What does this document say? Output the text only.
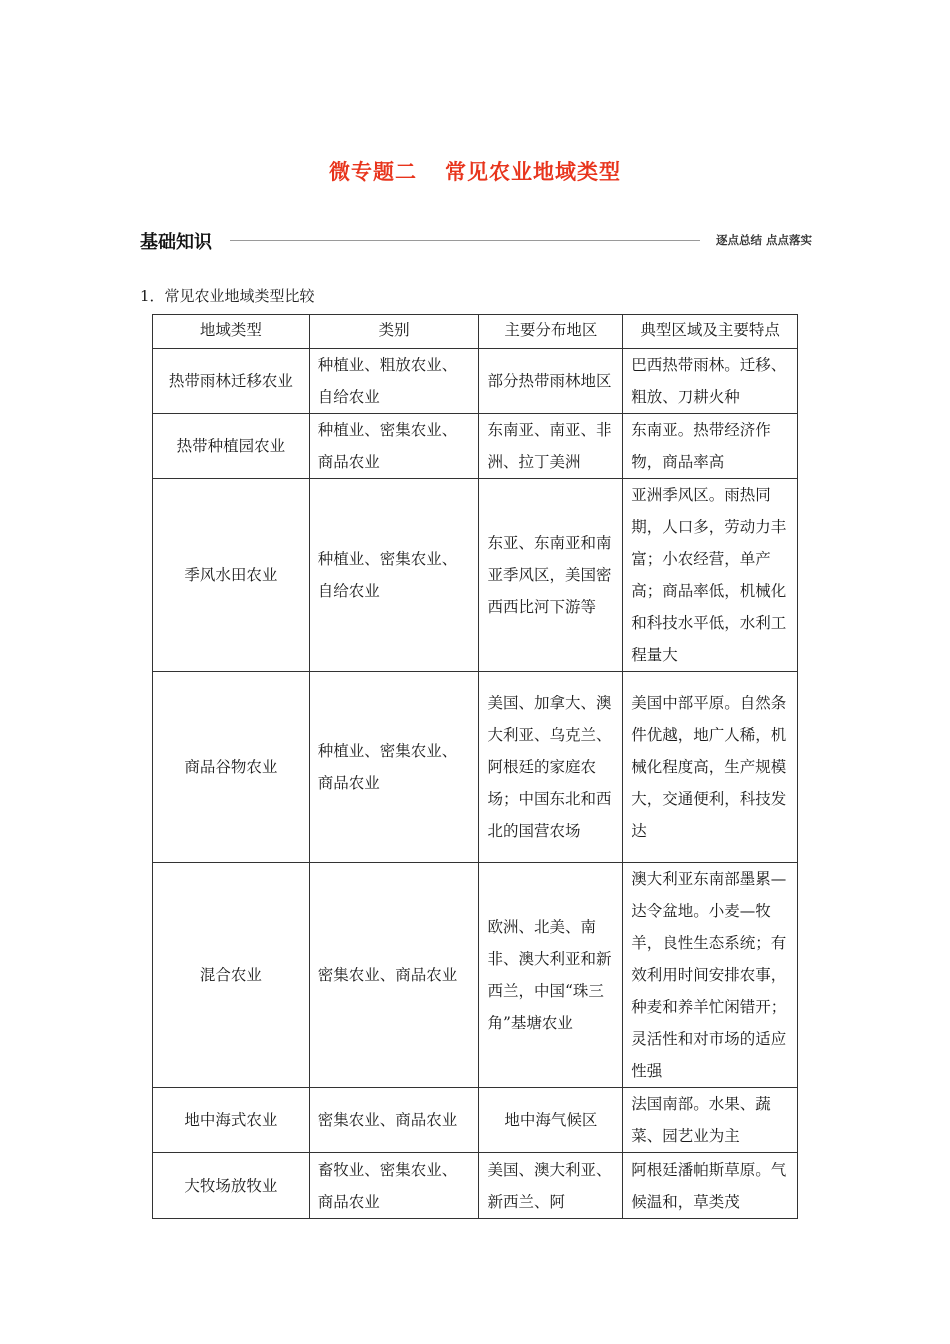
微专题二 常见农业地域类型
基础知识	逐点总结 点点落实
1．常见农业地域类型比较
地域类型	类别	主要分布地区	典型区域及主要特点
热带雨林迁移农业	种植业、粗放农业、自给农业	部分热带雨林地区	巴西热带雨林。迁移、粗放、刀耕火种
热带种植园农业	种植业、密集农业、商品农业	东南亚、南亚、非洲、拉丁美洲	东南亚。热带经济作物，商品率高
季风水田农业	种植业、密集农业、自给农业	东亚、东南亚和南亚季风区，美国密西西比河下游等	亚洲季风区。雨热同期，人口多，劳动力丰富；小农经营，单产高；商品率低，机械化和科技水平低，水利工程量大
商品谷物农业	种植业、密集农业、商品农业	美国、加拿大、澳大利亚、乌克兰、阿根廷的家庭农场；中国东北和西北的国营农场	美国中部平原。自然条件优越，地广人稀，机械化程度高，生产规模大，交通便利，科技发达
混合农业	密集农业、商品农业	欧洲、北美、南非、澳大利亚和新西兰，中国“珠三角”基塘农业	澳大利亚东南部墨累—达令盆地。小麦—牧羊，良性生态系统；有效利用时间安排农事，种麦和养羊忙闲错开；灵活性和对市场的适应性强
地中海式农业	密集农业、商品农业	地中海气候区	法国南部。水果、蔬菜、园艺业为主
大牧场放牧业	畜牧业、密集农业、商品农业	美国、澳大利亚、新西兰、阿	阿根廷潘帕斯草原。气候温和，草类茂
